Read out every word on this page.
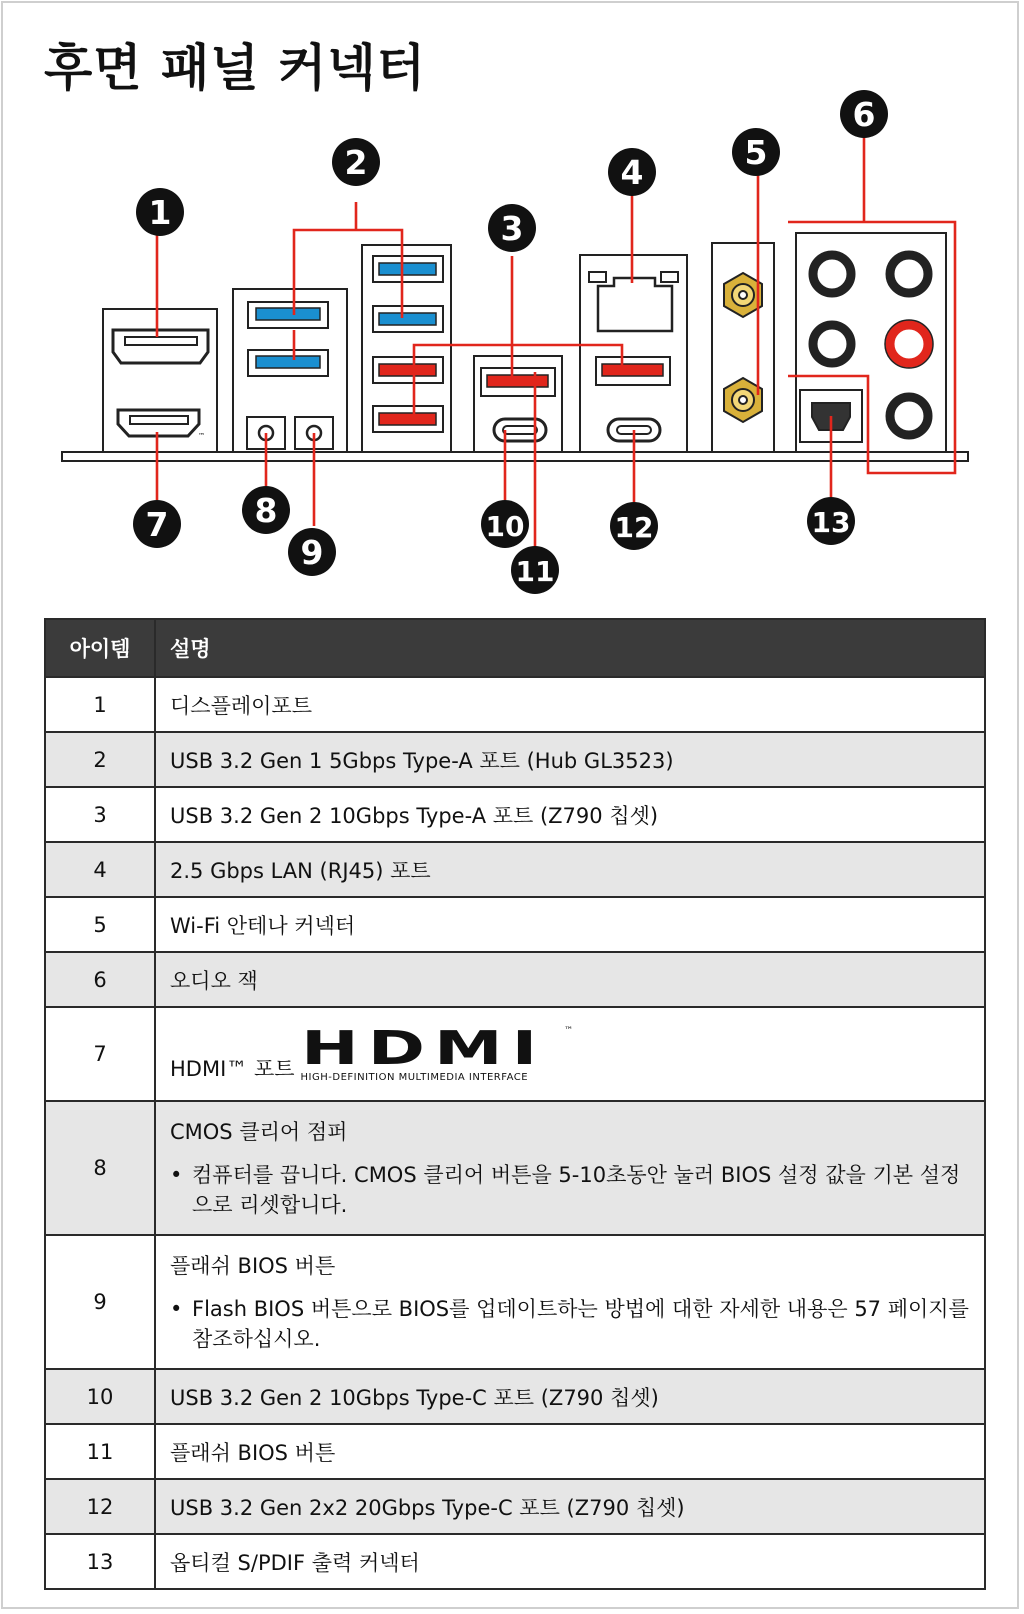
후면 패널 커넥터
™
1
2
3
4
5
6
7	8
9
10
11
12	13
아이템	설명
1	디스플레이포트
2	USB 3.2 Gen 1 5Gbps Type-A 포트 (Hub GL3523)
3	USB 3.2 Gen 2 10Gbps Type-A 포트 (Z790 칩셋)
4	2.5 Gbps LAN (RJ45) 포트
5	Wi-Fi 안테나 커넥터
6	오디오 잭
7	HDMI™ 포트 HDMI ™
HIGH-DEFINITION MULTIMEDIA INTERFACE

8	CMOS 클리어 점퍼
• 컴퓨터를 끕니다. CMOS 클리어 버튼을 5-10초동안 눌러 BIOS 설정 값을 기본 설정으로 리셋합니다.

9	플래쉬 BIOS 버튼
• Flash BIOS 버튼으로 BIOS를 업데이트하는 방법에 대한 자세한 내용은 57 페이지를 참조하십시오.

10	USB 3.2 Gen 2 10Gbps Type-C 포트 (Z790 칩셋)
11	플래쉬 BIOS 버튼
12	USB 3.2 Gen 2x2 20Gbps Type-C 포트 (Z790 칩셋)
13	옵티컬 S/PDIF 출력 커넥터
